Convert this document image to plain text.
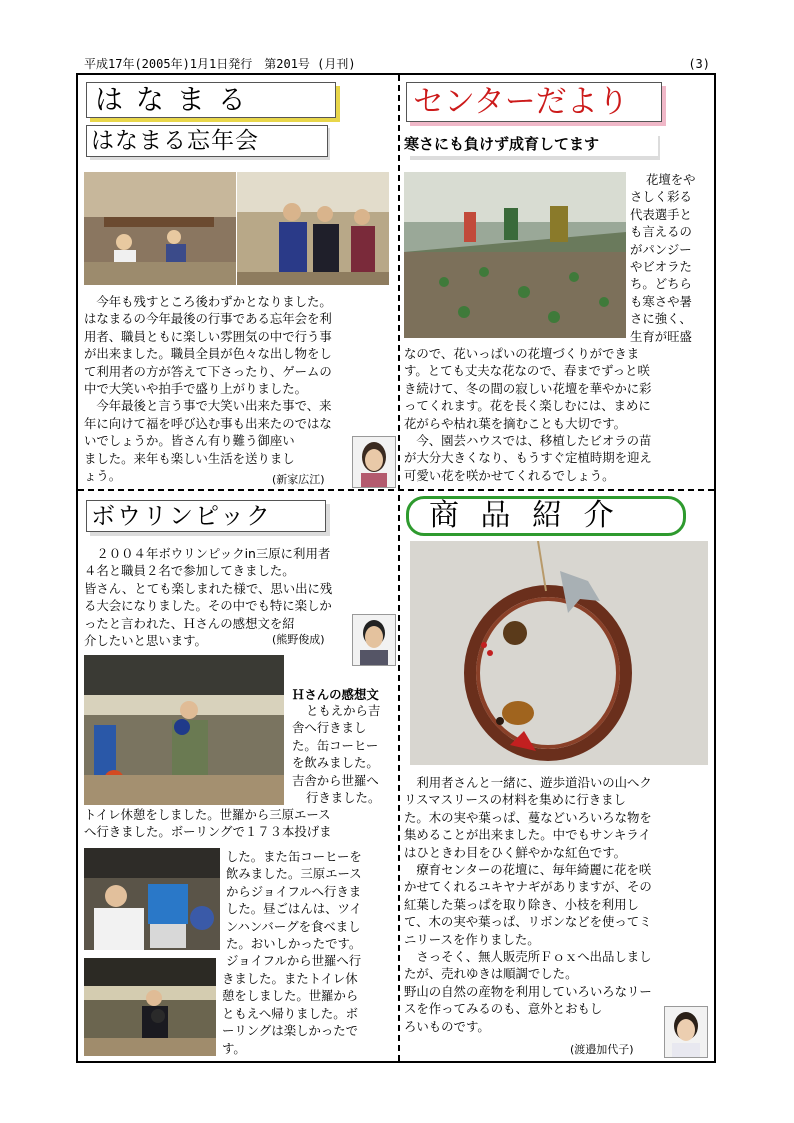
平成17年(2005年)1月1日発行　第201号 (月刊)	(3)
は な ま る
はなまる忘年会

今年も残すところ後わずかとなりました。

はなまるの今年最後の行事である忘年会を利

用者、職員ともに楽しい雰囲気の中で行う事

が出来ました。職員全員が色々な出し物をし

て利用者の方が答えて下さったり、ゲームの

中で大笑いや拍手で盛り上がりました。

今年最後と言う事で大笑い出来た事で、来

年に向けて福を呼び込む事も出来たのではな

いでしょうか。皆さん有り難う御座い

ました。来年も楽しい生活を送りまし

ょう。	(新家広江)
センターだより
寒さにも負けず成育してます

花壇をや

さしく彩る

代表選手と

も言えるの

がパンジー

やビオラた

ち。どちら

も寒さや暑

さに強く、

生育が旺盛

なので、花いっぱいの花壇づくりができま

す。とても丈夫な花なので、春までずっと咲

き続けて、冬の間の寂しい花壇を華やかに彩

ってくれます。花を長く楽しむには、まめに

花がらや枯れ葉を摘むことも大切です。

今、園芸ハウスでは、移植したビオラの苗

が大分大きくなり、もうすぐ定植時期を迎え

可愛い花を咲かせてくれるでしょう。

ボウリンピック

２００４年ボウリンピックin三原に利用者

４名と職員２名で参加してきました。

皆さん、とても楽しまれた様で、思い出に残

る大会になりました。その中でも特に楽しか

ったと言われた、Ｈさんの感想文を紹

介したいと思います。	(熊野俊成)
Ｈさんの感想文

ともえから吉

舎へ行きまし

た。缶コーヒー

を飲みました。

吉舎から世羅へ

行きました。

トイレ休憩をしました。世羅から三原エース

へ行きました。ボーリングで１７３本投げま

した。また缶コーヒーを

飲みました。三原エース

からジョイフルへ行きま

した。昼ごはんは、ツイ

ンハンバーグを食べまし

た。おいしかったです。

ジョイフルから世羅へ行

きました。またトイレ休

憩をしました。世羅から

ともえへ帰りました。ボ

ーリングは楽しかったで

す。

商 品 紹 介

利用者さんと一緒に、遊歩道沿いの山へク

リスマスリースの材料を集めに行きまし

た。木の実や葉っぱ、蔓などいろいろな物を

集めることが出来ました。中でもサンキライ

はひときわ目をひく鮮やかな紅色です。

療育センターの花壇に、毎年綺麗に花を咲

かせてくれるユキヤナギがありますが、その

紅葉した葉っぱを取り除き、小枝を利用し

て、木の実や葉っぱ、リボンなどを使ってミ

ニリースを作りました。

さっそく、無人販売所Ｆｏｘへ出品しまし

たが、売れゆきは順調でした。

野山の自然の産物を利用していろいろなリー

スを作ってみるのも、意外とおもし

ろいものです。

(渡邉加代子)
